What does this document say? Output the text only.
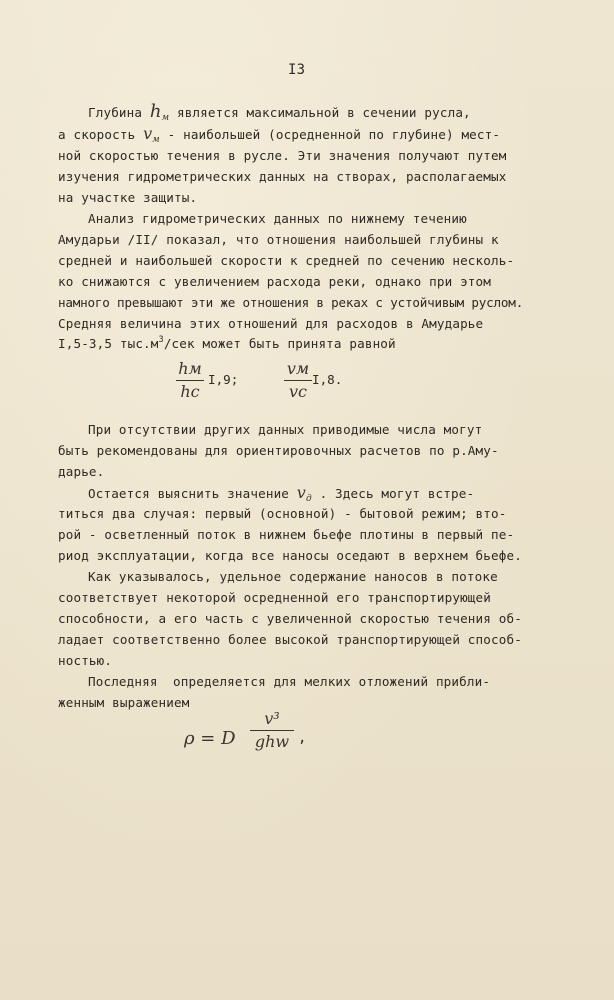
I3
Глубина $h_м$ является максимальной в сечении русла,
а скорость $v_м$ - наибольшей (осредненной по глубине) мест-
ной скоростью течения в русле. Эти значения получают путем
изучения гидрометрических данных на створах, располагаемых
на участке защиты.
Анализ гидрометрических данных по нижнему течению
Амударьи /II/ показал, что отношения наибольшей глубины к
средней и наибольшей скорости к средней по сечению несколь-
ко снижаются с увеличением расхода реки, однако при этом
намного превышают эти же отношения в реках с устойчивым руслом.
Средняя величина этих отношений для расходов в Амударье
I,5-3,5 $тыс.м^3$/сек может быть принята равной
hм
hс
I,9;
vм
vс
I,8.
При отсутствии других данных приводимые числа могут
быть рекомендованы для ориентировочных расчетов по р.Аму-
дарье.
Остается выяснить значение $v_д$ . Здесь могут встре-
титься два случая: первый (основной) - бытовой режим; вто-
рой - осветленный поток в нижнем бьефе плотины в первый пе-
риод эксплуатации, когда все наносы оседают в верхнем бьефе.
Как указывалось, удельное содержание наносов в потоке
соответствует некоторой осредненной его транспортирующей
способности, а его часть с увеличенной скоростью течения об-
ладает соответственно более высокой транспортирующей способ-
ностью.
Последняя  определяется для мелких отложений прибли-
женным выражением
ρ = D
v³
ghw ,
